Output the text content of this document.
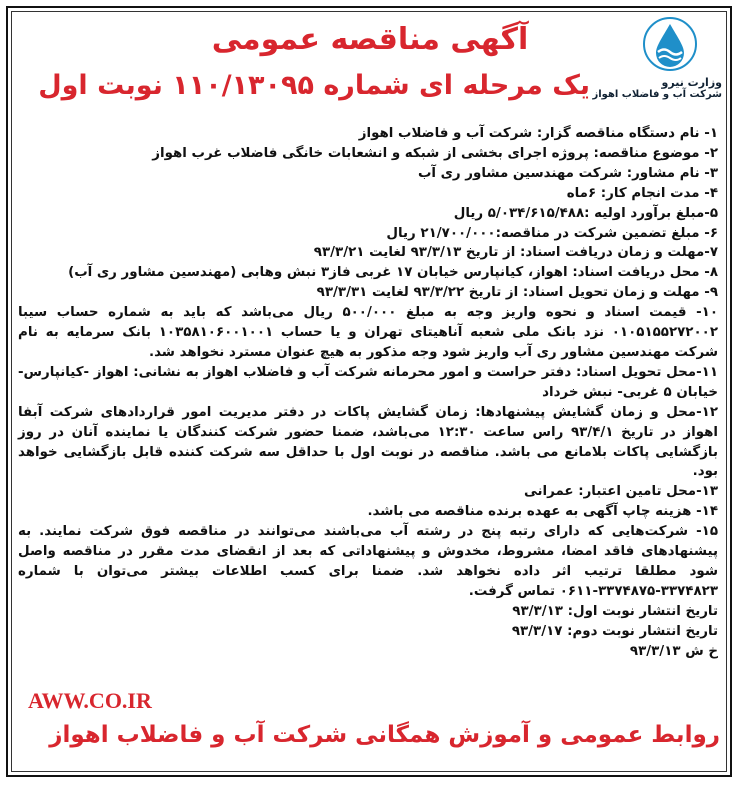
وزارت نیرو
شرکت آب و فاضلاب اهواز
آگهی مناقصه عمومی
یک مرحله ای شماره ۱۱۰/۱۳۰۹۵ نوبت اول

۱- نام دستگاه مناقصه گزار: شرکت آب و فاضلاب اهواز

۲- موضوع مناقصه: پروژه اجرای بخشی از شبکه و انشعابات خانگی فاضلاب غرب اهواز

۳- نام مشاور: شرکت مهندسین مشاور ری آب

۴- مدت انجام کار: ۶ماه

۵-مبلغ برآورد اولیه :۵/۰۳۴/۶۱۵/۴۸۸ ریال

۶- مبلغ تضمین شرکت در مناقصه:۲۱/۷۰۰/۰۰۰ ریال

۷-مهلت و زمان دریافت اسناد: از تاریخ ۹۳/۳/۱۳ لغایت ۹۳/۳/۲۱

۸- محل دریافت اسناد: اهواز، کیانپارس خیابان ۱۷ غربی فاز۳ نبش وهابی (مهندسین مشاور ری آب)

۹- مهلت و زمان تحویل اسناد: از تاریخ ۹۳/۳/۲۲ لغایت ۹۳/۳/۳۱

۱۰- قیمت اسناد و نحوه واریز وجه به مبلغ ۵۰۰/۰۰۰ ریال می‌باشد که باید به شماره حساب سیبا ۰۱۰۵۱۵۵۲۷۲۰۰۲ نزد بانک ملی شعبه آناهیتای تهران و یا حساب ۱۰۳۵۸۱۰۶۰۰۱۰۰۱ بانک سرمایه به نام شرکت مهندسین مشاور ری آب واریز شود وجه مذکور به هیچ عنوان مسترد نخواهد شد.

۱۱-محل تحویل اسناد: دفتر حراست و امور محرمانه شرکت آب و فاضلاب اهواز به نشانی: اهواز -کیانپارس- خیابان ۵ غربی- نبش خرداد

۱۲-محل و زمان گشایش پیشنهادها: زمان گشایش پاکات در دفتر مدیریت امور قراردادهای شرکت آبفا اهواز در تاریخ ۹۳/۴/۱ راس ساعت ۱۲:۳۰ می‌باشد، ضمنا حضور شرکت کنندگان یا نماینده آنان در روز بازگشایی پاکات بلامانع می باشد. مناقصه در نوبت اول با حداقل سه شرکت کننده قابل بازگشایی خواهد بود.

۱۳-محل تامین اعتبار: عمرانی

۱۴- هزینه چاپ آگهی به عهده برنده مناقصه می باشد.

۱۵- شرکت‌هایی که دارای رتبه پنج در رشته آب می‌باشند می‌توانند در مناقصه فوق شرکت نمایند. به پیشنهادهای فاقد امضا، مشروط، مخدوش و پیشنهاداتی که بعد از انقضای مدت مقرر در مناقصه واصل شود مطلقا ترتیب اثر داده نخواهد شد. ضمنا برای کسب اطلاعات بیشتر می‌توان با شماره ۳۳۷۴۸۲۳-۳۳۷۴۸۷۵-۰۶۱۱ تماس گرفت.

تاریخ انتشار نوبت اول: ۹۳/۳/۱۳

تاریخ انتشار نوبت دوم: ۹۳/۳/۱۷

خ ش ۹۳/۳/۱۳

AWW.CO.IR
روابط عمومی و آموزش همگانی شرکت آب و فاضلاب اهواز
